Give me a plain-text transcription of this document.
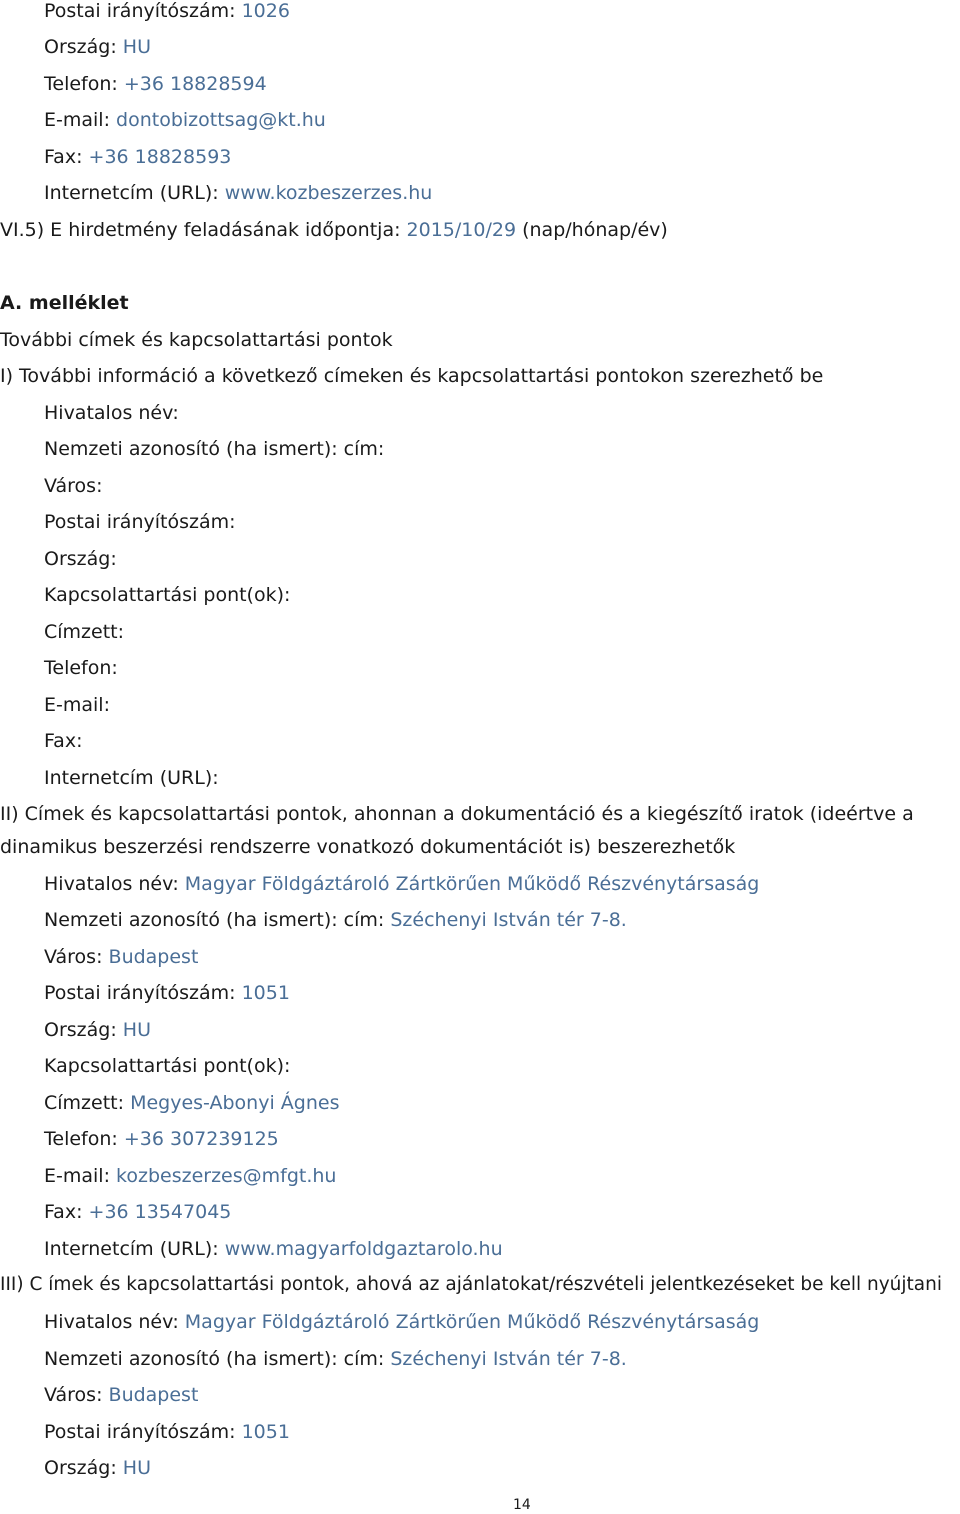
Postai irányítószám: 1026
Ország: HU
Telefon: +36 18828594
E-mail: dontobizottsag@kt.hu
Fax: +36 18828593
Internetcím (URL): www.kozbeszerzes.hu
VI.5) E hirdetmény feladásának időpontja: 2015/10/29 (nap/hónap/év)
A. melléklet
További címek és kapcsolattartási pontok
I) További információ a következő címeken és kapcsolattartási pontokon szerezhető be
Hivatalos név:
Nemzeti azonosító (ha ismert): cím:
Város:
Postai irányítószám:
Ország:
Kapcsolattartási pont(ok):
Címzett:
Telefon:
E-mail:
Fax:
Internetcím (URL):
II) Címek és kapcsolattartási pontok, ahonnan a dokumentáció és a kiegészítő iratok (ideértve a
dinamikus beszerzési rendszerre vonatkozó dokumentációt is) beszerezhetők
Hivatalos név: Magyar Földgáztároló Zártkörűen Működő Részvénytársaság
Nemzeti azonosító (ha ismert): cím: Széchenyi István tér 7-8.
Város: Budapest
Postai irányítószám: 1051
Ország: HU
Kapcsolattartási pont(ok):
Címzett: Megyes-Abonyi Ágnes
Telefon: +36 307239125
E-mail: kozbeszerzes@mfgt.hu
Fax: +36 13547045
Internetcím (URL): www.magyarfoldgaztarolo.hu
III) C ímek és kapcsolattartási pontok, ahová az ajánlatokat/részvételi jelentkezéseket be kell nyújtani
Hivatalos név: Magyar Földgáztároló Zártkörűen Működő Részvénytársaság
Nemzeti azonosító (ha ismert): cím: Széchenyi István tér 7-8.
Város: Budapest
Postai irányítószám: 1051
Ország: HU
14
